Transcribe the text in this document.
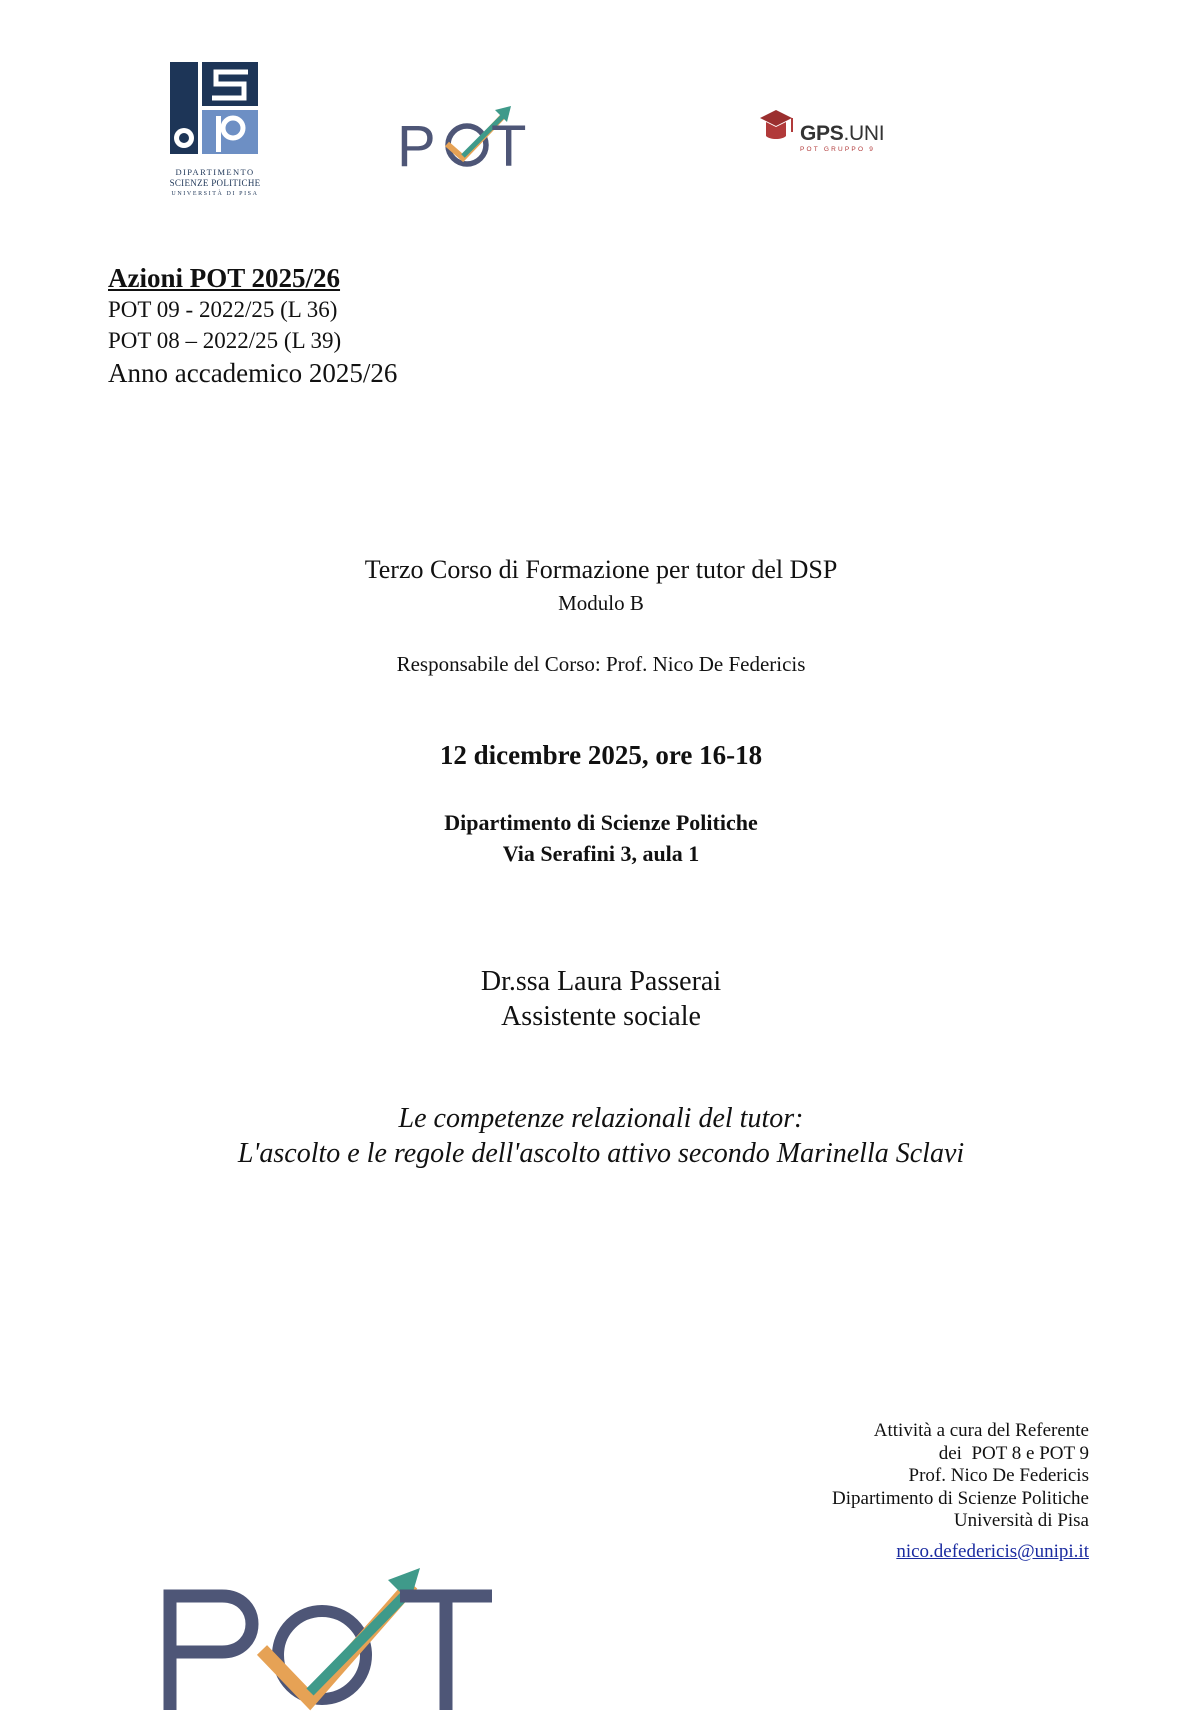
DIPARTIMENTO
SCIENZE POLITICHE
UNIVERSITÀ DI PISA
P T	GPS.UNI
POT GRUPPO 9
Azioni POT 2025/26
POT 09 - 2022/25 (L 36)
POT 08 – 2022/25 (L 39)
Anno accademico 2025/26
Terzo Corso di Formazione per tutor del DSP
Modulo B
Responsabile del Corso: Prof. Nico De Federicis
12 dicembre 2025, ore 16-18
Dipartimento di Scienze Politiche
Via Serafini 3, aula 1
Dr.ssa Laura Passerai
Assistente sociale
Le competenze relazionali del tutor:
L'ascolto e le regole dell'ascolto attivo secondo Marinella Sclavi
Attività a cura del Referente
dei  POT 8 e POT 9
Prof. Nico De Federicis
Dipartimento di Scienze Politiche
Università di Pisa
nico.defedericis@unipi.it
